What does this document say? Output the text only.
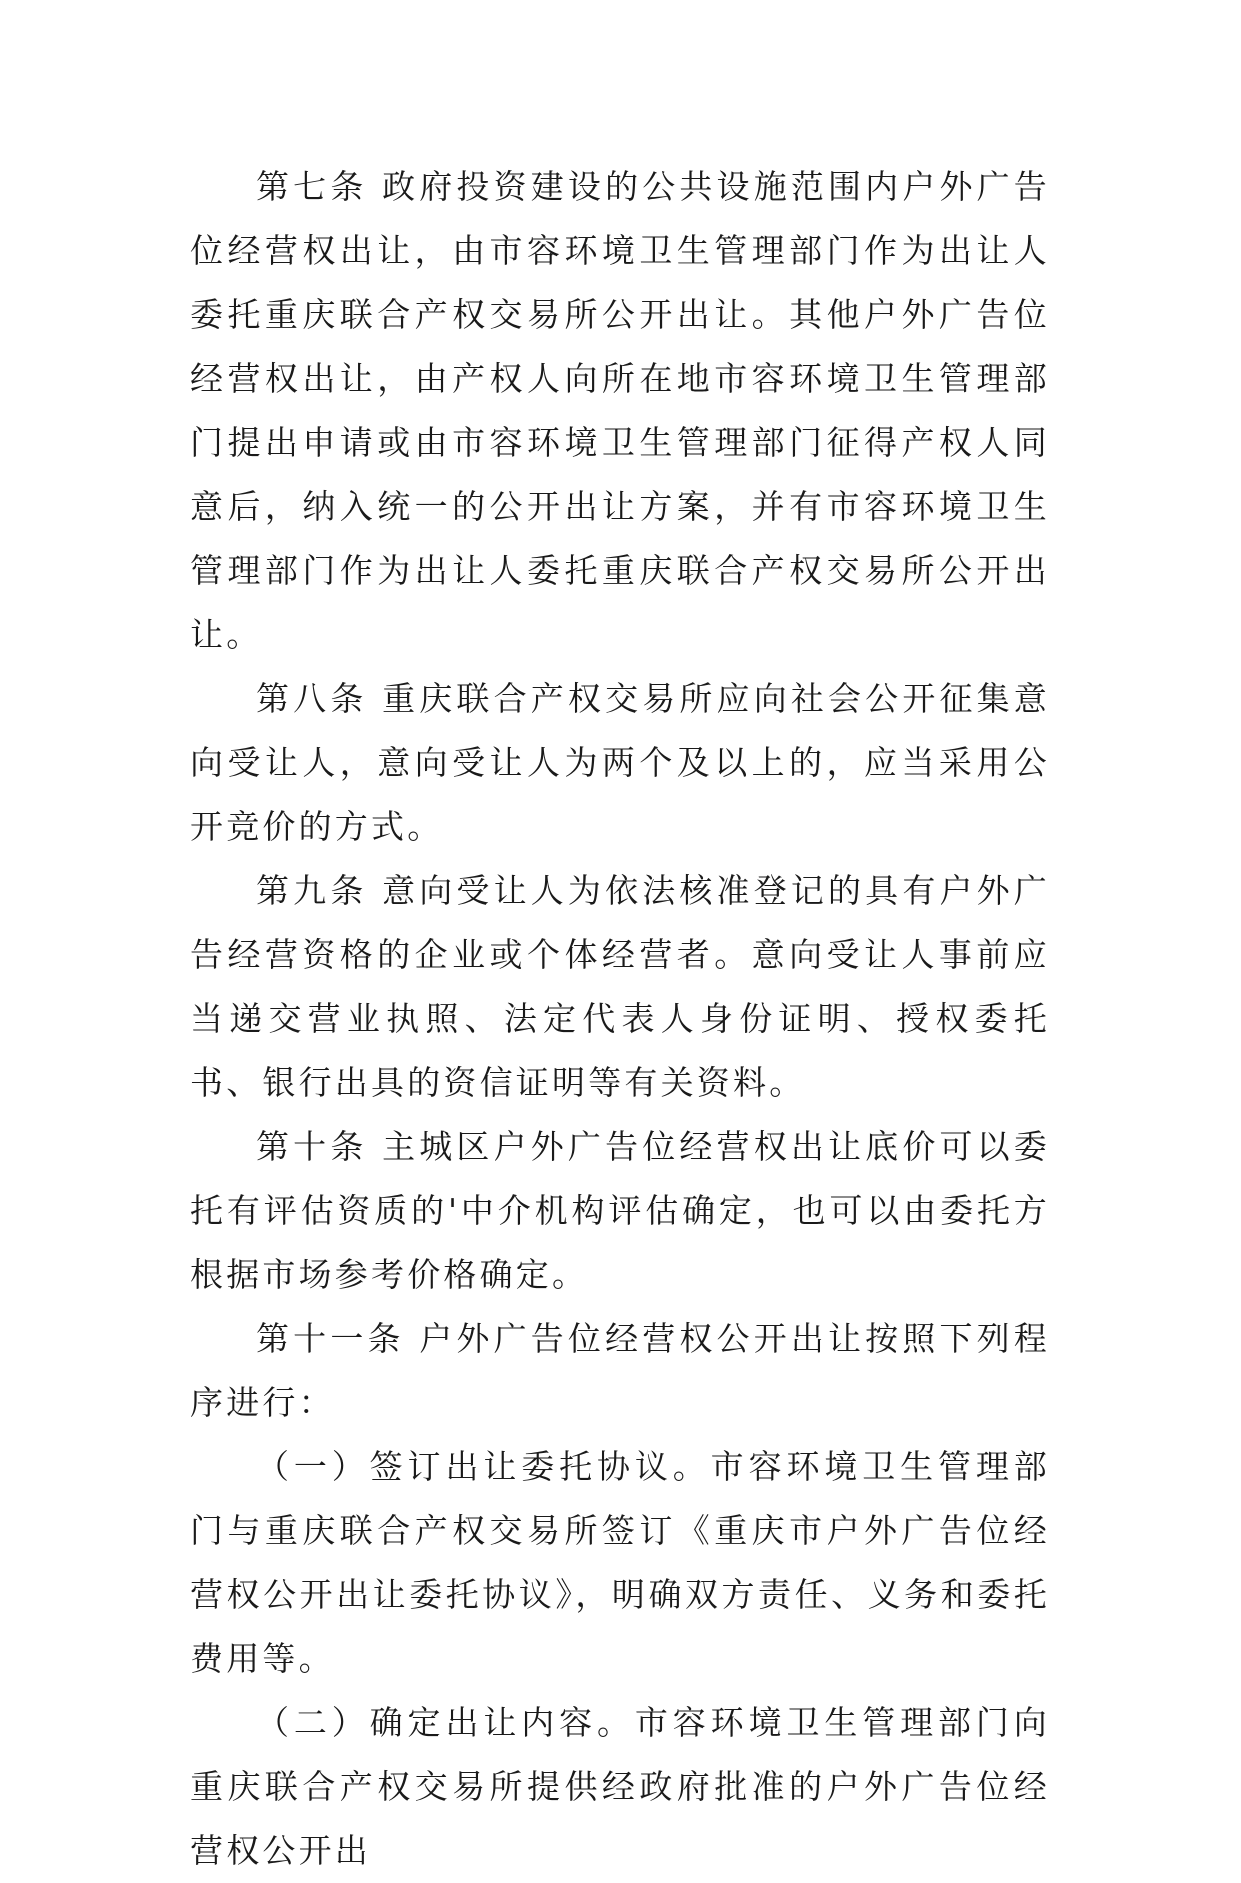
第七条 政府投资建设的公共设施范围内户外广告位经营权出让，由市容环境卫生管理部门作为出让人委托重庆联合产权交易所公开出让。其他户外广告位经营权出让，由产权人向所在地市容环境卫生管理部门提出申请或由市容环境卫生管理部门征得产权人同意后，纳入统一的公开出让方案，并有市容环境卫生管理部门作为出让人委托重庆联合产权交易所公开出让。

第八条 重庆联合产权交易所应向社会公开征集意向受让人，意向受让人为两个及以上的，应当采用公开竞价的方式。

第九条 意向受让人为依法核准登记的具有户外广告经营资格的企业或个体经营者。意向受让人事前应当递交营业执照、法定代表人身份证明、授权委托书、银行出具的资信证明等有关资料。

第十条 主城区户外广告位经营权出让底价可以委托有评估资质的'中介机构评估确定，也可以由委托方根据市场参考价格确定。

第十一条 户外广告位经营权公开出让按照下列程序进行：

（一）签订出让委托协议。市容环境卫生管理部门与重庆联合产权交易所签订《重庆市户外广告位经营权公开出让委托协议》，明确双方责任、义务和委托费用等。

（二）确定出让内容。市容环境卫生管理部门向重庆联合产权交易所提供经政府批准的户外广告位经营权公开出
